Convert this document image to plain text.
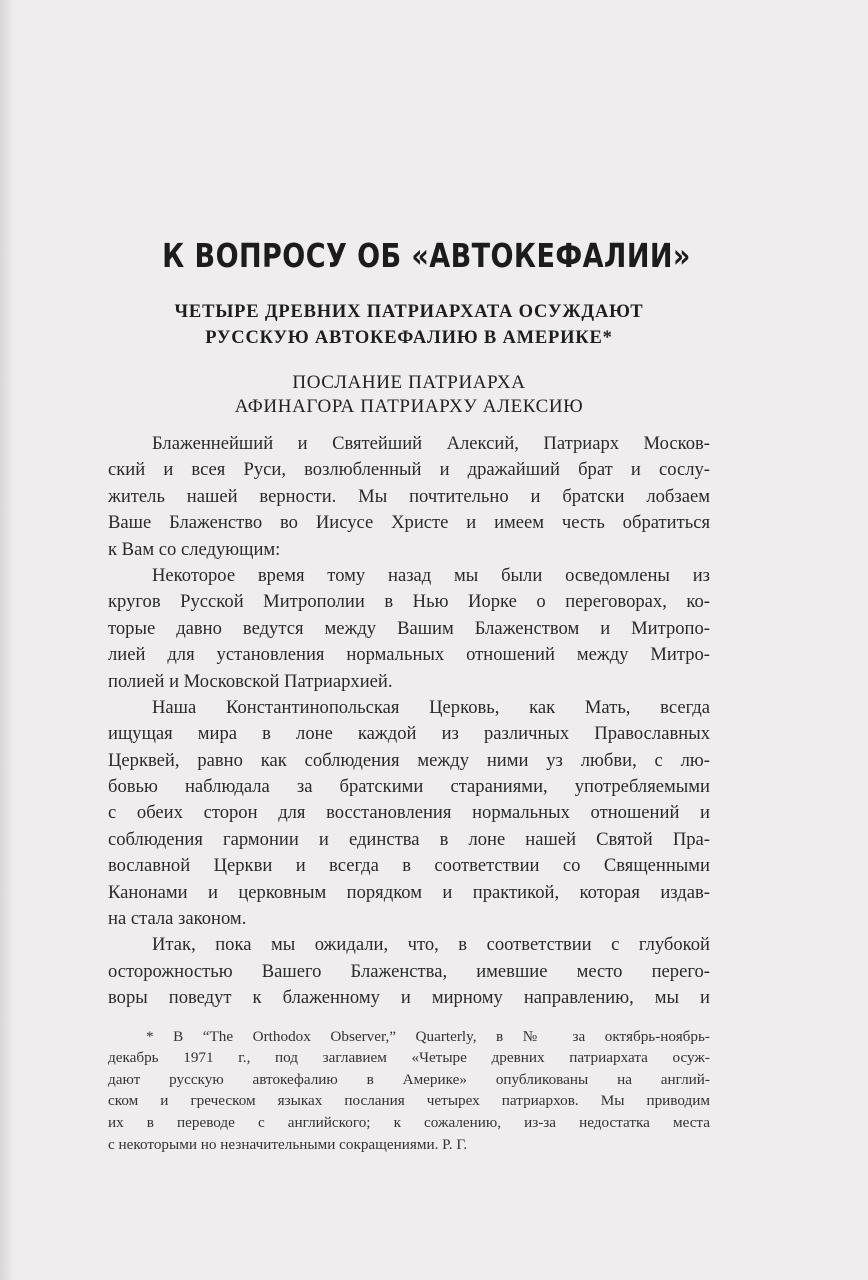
К ВОПРОСУ ОБ «АВТОКЕФАЛИИ»
ЧЕТЫРЕ ДРЕВНИХ ПАТРИАРХАТА ОСУЖДАЮТ
РУССКУЮ АВТОКЕФАЛИЮ В АМЕРИКЕ*
ПОСЛАНИЕ ПАТРИАРХА
АФИНАГОРА ПАТРИАРХУ АЛЕКСИЮ
Блаженнейший и Святейший Алексий, Патриарх Москов-
ский и всея Руси, возлюбленный и дражайший брат и сослу-
житель нашей верности. Мы почтительно и братски лобзаем
Ваше Блаженство во Иисусе Христе и имеем честь обратиться
к Вам со следующим:
Некоторое время тому назад мы были осведомлены из
кругов Русской Митрополии в Нью Иорке о переговорах, ко-
торые давно ведутся между Вашим Блаженством и Митропо-
лией для установления нормальных отношений между Митро-
полией и Московской Патриархией.
Наша Константинопольская Церковь, как Мать, всегда
ищущая мира в лоне каждой из различных Православных
Церквей, равно как соблюдения между ними уз любви, с лю-
бовью наблюдала за братскими стараниями, употребляемыми
с обеих сторон для восстановления нормальных отношений и
соблюдения гармонии и единства в лоне нашей Святой Пра-
вославной Церкви и всегда в соответствии со Священными
Канонами и церковным порядком и практикой, которая издав-
на стала законом.
Итак, пока мы ожидали, что, в соответствии с глубокой
осторожностью Вашего Блаженства, имевшие место перего-
воры поведут к блаженному и мирному направлению, мы и
* В “The Orthodox Observer,” Quarterly, в № за октябрь-ноябрь-
декабрь 1971 г., под заглавием «Четыре древних патриархата осуж-
дают русскую автокефалию в Америке» опубликованы на англий-
ском и греческом языках послания четырех патриархов. Мы приводим
их в переводе с английского; к сожалению, из-за недостатка места
с некоторыми но незначительными сокращениями. Р. Г.
